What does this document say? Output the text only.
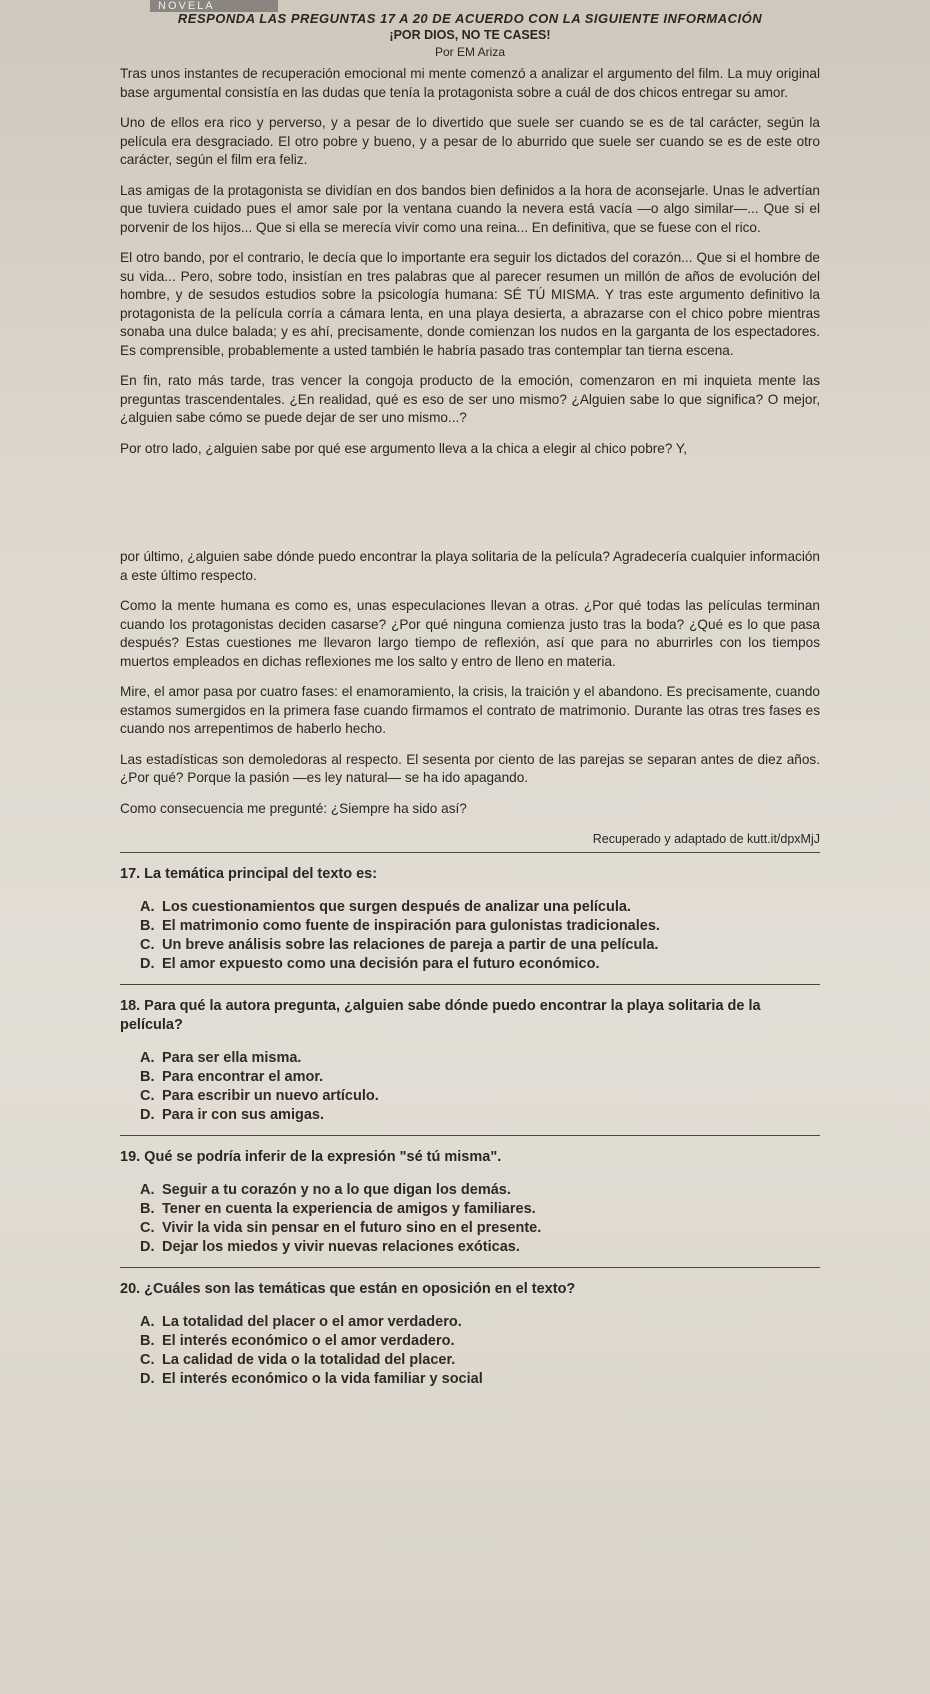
NOVELA
RESPONDA LAS PREGUNTAS 17 A 20 DE ACUERDO CON LA SIGUIENTE INFORMACIÓN
¡POR DIOS, NO TE CASES!
Por EM Ariza

Tras unos instantes de recuperación emocional mi mente comenzó a analizar el argumento del film. La muy original base argumental consistía en las dudas que tenía la protagonista sobre a cuál de dos chicos entregar su amor.

Uno de ellos era rico y perverso, y a pesar de lo divertido que suele ser cuando se es de tal carácter, según la película era desgraciado. El otro pobre y bueno, y a pesar de lo aburrido que suele ser cuando se es de este otro carácter, según el film era feliz.

Las amigas de la protagonista se dividían en dos bandos bien definidos a la hora de aconsejarle. Unas le advertían que tuviera cuidado pues el amor sale por la ventana cuando la nevera está vacía —o algo similar—... Que si el porvenir de los hijos... Que si ella se merecía vivir como una reina... En definitiva, que se fuese con el rico.

El otro bando, por el contrario, le decía que lo importante era seguir los dictados del corazón... Que si el hombre de su vida... Pero, sobre todo, insistían en tres palabras que al parecer resumen un millón de años de evolución del hombre, y de sesudos estudios sobre la psicología humana: SÉ TÚ MISMA. Y tras este argumento definitivo la protagonista de la película corría a cámara lenta, en una playa desierta, a abrazarse con el chico pobre mientras sonaba una dulce balada; y es ahí, precisamente, donde comienzan los nudos en la garganta de los espectadores. Es comprensible, probablemente a usted también le habría pasado tras contemplar tan tierna escena.

En fin, rato más tarde, tras vencer la congoja producto de la emoción, comenzaron en mi inquieta mente las preguntas trascendentales. ¿En realidad, qué es eso de ser uno mismo? ¿Alguien sabe lo que significa? O mejor, ¿alguien sabe cómo se puede dejar de ser uno mismo...?

Por otro lado, ¿alguien sabe por qué ese argumento lleva a la chica a elegir al chico pobre? Y,

por último, ¿alguien sabe dónde puedo encontrar la playa solitaria de la película? Agradecería cualquier información a este último respecto.

Como la mente humana es como es, unas especulaciones llevan a otras. ¿Por qué todas las películas terminan cuando los protagonistas deciden casarse? ¿Por qué ninguna comienza justo tras la boda? ¿Qué es lo que pasa después? Estas cuestiones me llevaron largo tiempo de reflexión, así que para no aburrirles con los tiempos muertos empleados en dichas reflexiones me los salto y entro de lleno en materia.

Mire, el amor pasa por cuatro fases: el enamoramiento, la crisis, la traición y el abandono. Es precisamente, cuando estamos sumergidos en la primera fase cuando firmamos el contrato de matrimonio. Durante las otras tres fases es cuando nos arrepentimos de haberlo hecho.

Las estadísticas son demoledoras al respecto. El sesenta por ciento de las parejas se separan antes de diez años. ¿Por qué? Porque la pasión —es ley natural— se ha ido apagando.

Como consecuencia me pregunté: ¿Siempre ha sido así?

Recuperado y adaptado de kutt.it/dpxMjJ
17. La temática principal del texto es:
A. Los cuestionamientos que surgen después de analizar una película.
B. El matrimonio como fuente de inspiración para gulonistas tradicionales.
C. Un breve análisis sobre las relaciones de pareja a partir de una película.
D. El amor expuesto como una decisión para el futuro económico.
18. Para qué la autora pregunta, ¿alguien sabe dónde puedo encontrar la playa solitaria de la película?
A. Para ser ella misma.
B. Para encontrar el amor.
C. Para escribir un nuevo artículo.
D. Para ir con sus amigas.
19. Qué se podría inferir de la expresión "sé tú misma".
A. Seguir a tu corazón y no a lo que digan los demás.
B. Tener en cuenta la experiencia de amigos y familiares.
C. Vivir la vida sin pensar en el futuro sino en el presente.
D. Dejar los miedos y vivir nuevas relaciones exóticas.
20. ¿Cuáles son las temáticas que están en oposición en el texto?
A. La totalidad del placer o el amor verdadero.
B. El interés económico o el amor verdadero.
C. La calidad de vida o la totalidad del placer.
D. El interés económico o la vida familiar y social
